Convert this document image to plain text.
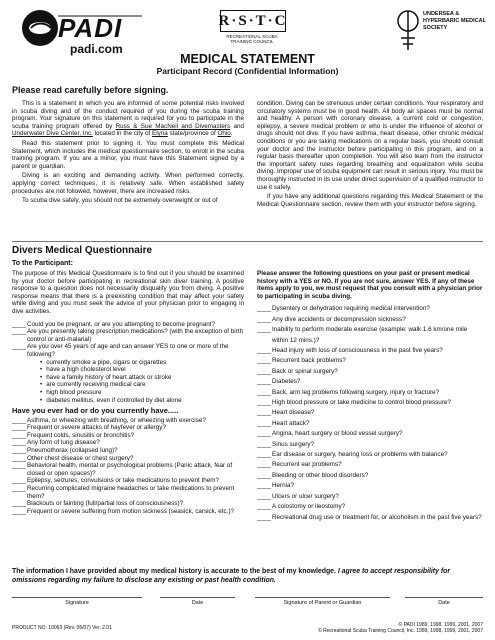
PADI
padi.com
R·S·T·C
RECREATIONAL SCUBA TRAINING COUNCIL
UNDERSEA & HYPERBARIC MEDICAL SOCIETY
MEDICAL STATEMENT
Participant Record (Confidential Information)
Please read carefully before signing.

This is a statement in which you are informed of some potential risks involved in scuba diving and of the conduct required of you during the scuba training program. Your signature on this statement is required for you to participate in the scuba training program offered by Russ & Sue MacNeil and Divemasters and Underwater Dive Center, Inc. located in the city of Elyria state/province of Ohio.

Read this statement prior to signing it. You must complete this Medical Statement, which includes the medical questionnaire section, to enroll in the scuba training program. If you are a minor, you must have this Statement signed by a parent or guardian.

Diving is an exciting and demanding activity. When performed correctly, applying correct techniques, it is relatively safe. When established safety procedures are not followed, however, there are increased risks.

To scuba dive safely, you should not be extremely overweight or out of

condition. Diving can be strenuous under certain conditions. Your respiratory and circulatory systems must be in good health. All body air spaces must be normal and healthy. A person with coronary disease, a current cold or congestion, epilepsy, a severe medical problem or who is under the influence of alcohol or drugs should not dive. If you have asthma, heart disease, other chronic medical conditions or you are taking medications on a regular basis, you should consult your doctor and the instructor before participating in this program, and on a regular basis thereafter upon completion. You will also learn from the instructor the important safety rules regarding breathing and equalization while scuba diving. Improper use of scuba equipment can result in serious injury. You must be thoroughly instructed in its use under direct supervision of a qualified instructor to use it safely.

If you have any additional questions regarding this Medical Statement or the Medical Questionnaire section, review them with your instructor before signing.

Divers Medical Questionnaire
To the Participant:

The purpose of this Medical Questionnaire is to find out if you should be examined by your doctor before participating in recreational skin diver training. A positive response to a question does not necessarily disqualify you from diving. A positive response means that there is a preexisting condition that may affect your safety while diving and you must seek the advice of your physician prior to engaging in dive activities.

____ Could you be pregnant, or are you attempting to become pregnant?
____ Are you presently taking prescription medications? (with the exception of birth control or anti-malarial)
____ Are you over 45 years of age and can answer YES to one or more of the following?
• currently smoke a pipe, cigars or cigarettes
• have a high cholesterol level
• have a family history of heart attack or stroke
• are currently receiving medical care
• high blood pressure
• diabetes mellitus, even if controlled by diet alone
Have you ever had or do you currently have.....
____ Asthma, or wheezing with breathing, or wheezing with exercise?
____ Frequent or severe attacks of hayfever or allergy?
____ Frequent colds, sinusitis or bronchitis?
____ Any form of lung disease?
____ Pneumothorax (collapsed lung)?
____ Other chest disease or chest surgery?
____ Behavioral health, mental or psychological problems (Panic attack, fear of closed or open spaces)?
____ Epilepsy, seizures, convulsions or take medications to prevent them?
____ Recurring complicated migraine headaches or take medications to prevent them?
____ Blackouts or fainting (full/partial loss of consciousness)?
____ Frequent or severe suffering from motion sickness (seasick, carsick, etc.)?
Please answer the following questions on your past or present medical history with a YES or NO. If you are not sure, answer YES. If any of these items apply to you, we must request that you consult with a physician prior to participating in scuba diving.
____ Dysentery or dehydration requiring medical intervention?
____ Any dive accidents or decompression sickness?
____ Inability to perform moderate exercise (example: walk 1.6 km/one mile within 12 mins.)?
____ Head injury with loss of consciousness in the past five years?
____ Recurrent back problems?
____ Back or spinal surgery?
____ Diabetes?
____ Back, arm leg problems following surgery, injury or fracture?
____ High blood pressure or take medicine to control blood pressure?
____ Heart disease?
____ Heart attack?
____ Angina, heart surgery or blood vessel surgery?
____ Sinus surgery?
____ Ear disease or surgery, hearing loss or problems with balance?
____ Recurrent ear problems?
____ Bleeding or other blood disorders?
____ Hernia?
____ Ulcers or ulcer surgery?
____ A colostomy or ileostomy?
____ Recreational drug use or treatment for, or alcoholism in the past five years?
The information I have provided about my medical history is accurate to the best of my knowledge. I agree to accept responsibility for omissions regarding my failure to disclose any existing or past health condition.
Signature	Date	Signature of Parent or Guardian	Date
PRODUCT NO. 10063 (Rev. 06/07) Ver. 2.01	© PADI 1989, 1998, 1999, 2001, 2007
© Recreational Scuba Training Council, Inc. 1989, 1998, 1999, 2001, 2007
